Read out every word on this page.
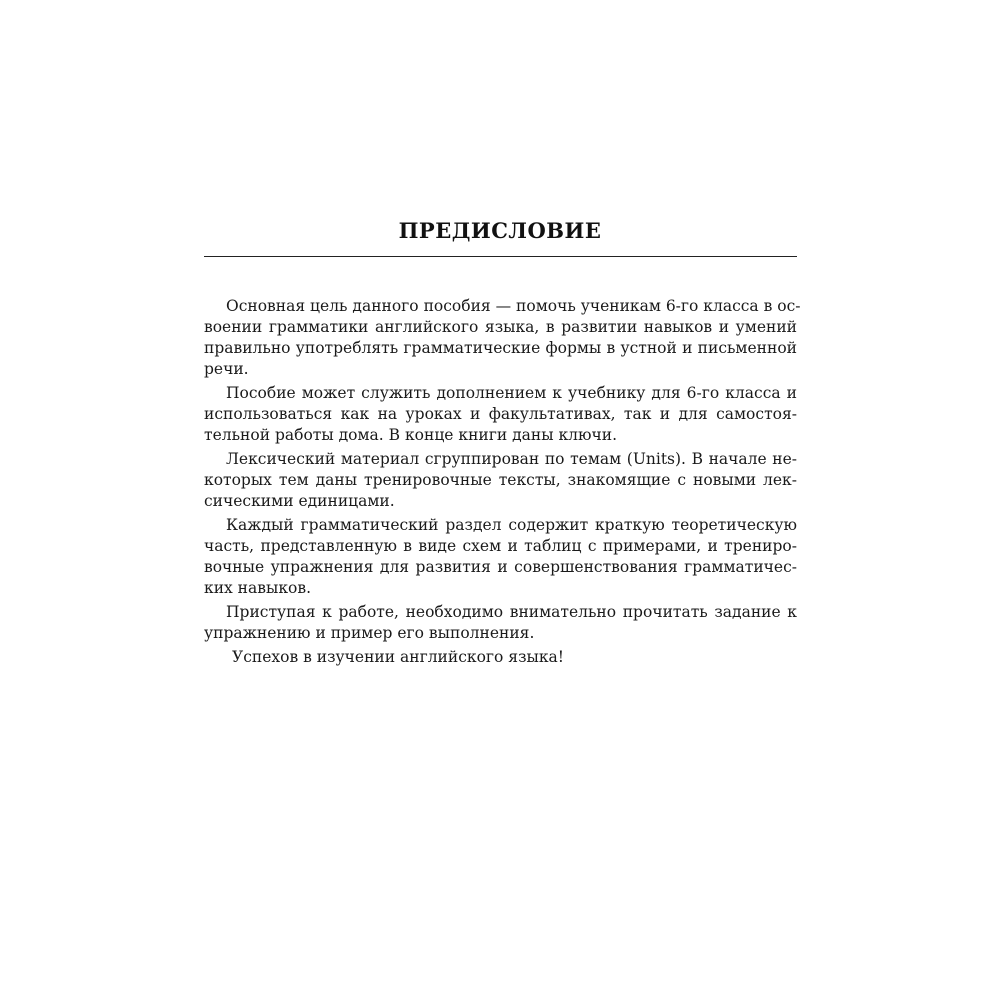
ПРЕДИСЛОВИЕ
Основная цель данного пособия — помочь ученикам 6-го класса в ос-
воении грамматики английского языка, в развитии навыков и умений
правильно употреблять грамматические формы в устной и письменной
речи.
Пособие может служить дополнением к учебнику для 6-го класса и
использоваться как на уроках и факультативах, так и для самостоя-
тельной работы дома. В конце книги даны ключи.
Лексический материал сгруппирован по темам (Units). В начале не-
которых тем даны тренировочные тексты, знакомящие с новыми лек-
сическими единицами.
Каждый грамматический раздел содержит краткую теоретическую
часть, представленную в виде схем и таблиц с примерами, и трениро-
вочные упражнения для развития и совершенствования грамматичес-
ких навыков.
Приступая к работе, необходимо внимательно прочитать задание к
упражнению и пример его выполнения.
Успехов в изучении английского языка!
